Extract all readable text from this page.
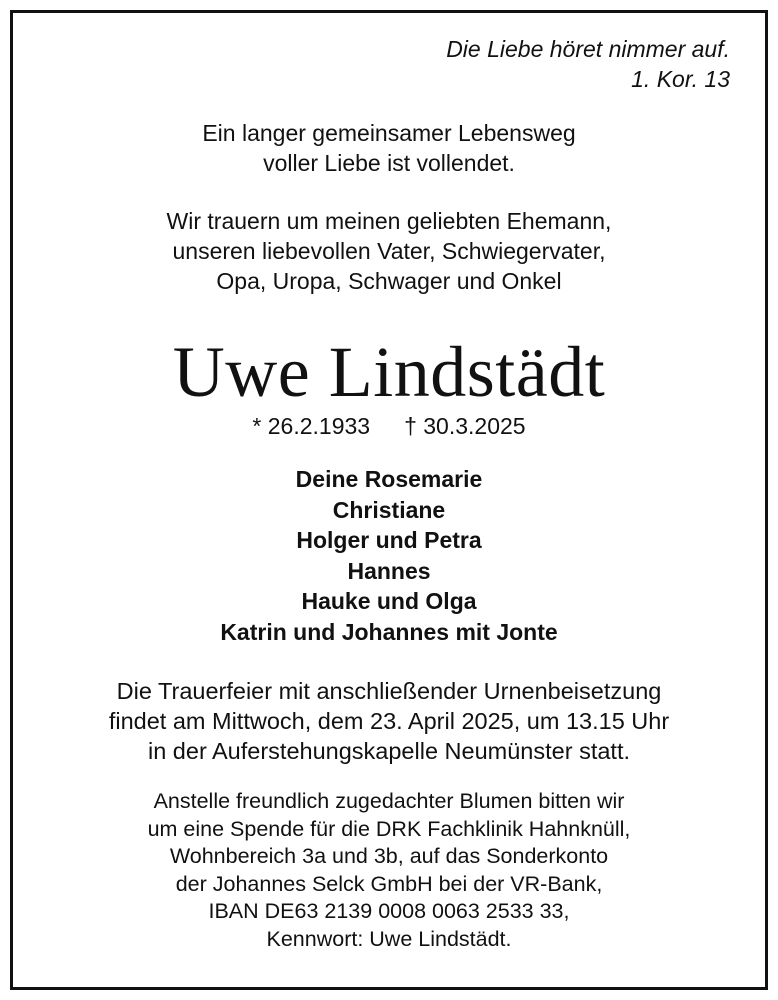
Die Liebe höret nimmer auf.
1. Kor. 13
Ein langer gemeinsamer Lebensweg
voller Liebe ist vollendet.
Wir trauern um meinen geliebten Ehemann,
unseren liebevollen Vater, Schwiegervater,
Opa, Uropa, Schwager und Onkel
Uwe Lindstädt
* 26.2.1933 † 30.3.2025
Deine Rosemarie
Christiane
Holger und Petra
Hannes
Hauke und Olga
Katrin und Johannes mit Jonte
Die Trauerfeier mit anschließender Urnenbeisetzung
findet am Mittwoch, dem 23. April 2025, um 13.15 Uhr
in der Auferstehungskapelle Neumünster statt.
Anstelle freundlich zugedachter Blumen bitten wir
um eine Spende für die DRK Fachklinik Hahnknüll,
Wohnbereich 3a und 3b, auf das Sonderkonto
der Johannes Selck GmbH bei der VR-Bank,
IBAN DE63 2139 0008 0063 2533 33,
Kennwort: Uwe Lindstädt.
